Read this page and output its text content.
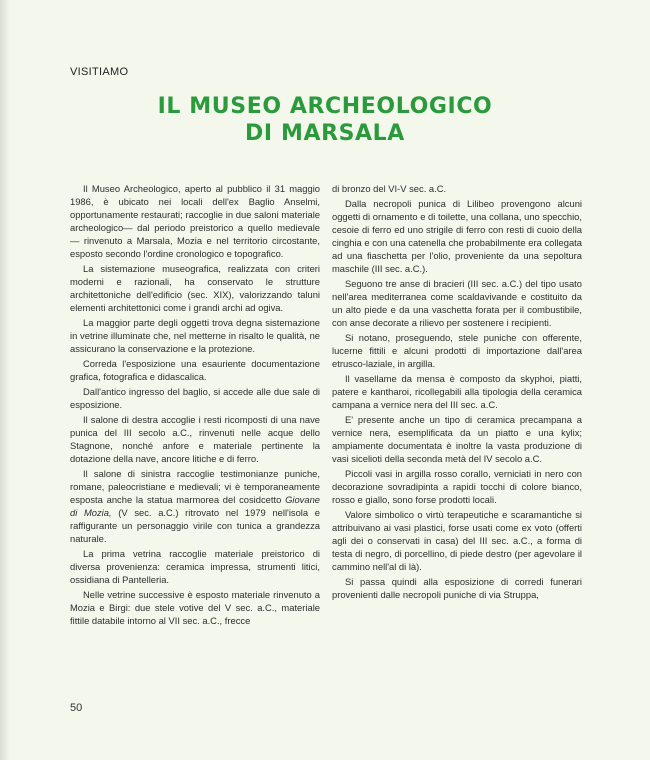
VISITIAMO
IL MUSEO ARCHEOLOGICO
DI MARSALA

Il Museo Archeologico, aperto al pubblico il 31 maggio 1986, è ubicato nei locali dell'ex Baglio Anselmi, opportunamente restaurati; raccoglie in due saloni materiale archeologico— dal periodo preistorico a quello medievale — rinvenuto a Marsala, Mozia e nel territorio circostante, esposto secondo l'ordine cronologico e topografico.

La sistemazione museografica, realizzata con criteri moderni e razionali, ha conservato le strutture architettoniche dell'edificio (sec. XIX), valorizzando taluni elementi architettonici come i grandi archi ad ogiva.

La maggior parte degli oggetti trova degna sistemazione in vetrine illuminate che, nel metterne in risalto le qualità, ne assicurano la conservazione e la protezione.

Correda l'esposizione una esauriente documentazione grafica, fotografica e didascalica.

Dall'antico ingresso del baglio, si accede alle due sale di esposizione.

Il salone di destra accoglie i resti ricomposti di una nave punica del III secolo a.C., rinvenuti nelle acque dello Stagnone, nonché anfore e materiale pertinente la dotazione della nave, ancore litiche e di ferro.

Il salone di sinistra raccoglie testimonianze puniche, romane, paleocristiane e medievali; vi è temporaneamente esposta anche la statua marmorea del cosidcetto Giovane di Mozia, (V sec. a.C.) ritrovato nel 1979 nell'isola e raffigurante un personaggio virile con tunica a grandezza naturale.

La prima vetrina raccoglie materiale preistorico di diversa provenienza: ceramica impressa, strumenti litici, ossidiana di Pantelleria.

Nelle vetrine successive è esposto materiale rinvenuto a Mozia e Birgi: due stele votive del V sec. a.C., materiale fittile databile intorno al VII sec. a.C., frecce

di bronzo del VI-V sec. a.C.

Dalla necropoli punica di Lilibeo provengono alcuni oggetti di ornamento e di toilette, una collana, uno specchio, cesoie di ferro ed uno strigile di ferro con resti di cuoio della cinghia e con una catenella che probabilmente era collegata ad una fiaschetta per l'olio, proveniente da una sepoltura maschile (III sec. a.C.).

Seguono tre anse di bracieri (III sec. a.C.) del tipo usato nell'area mediterranea come scaldavivande e costituito da un alto piede e da una vaschetta forata per il combustibile, con anse decorate a rilievo per sostenere i recipienti.

Si notano, proseguendo, stele puniche con offerente, lucerne fittili e alcuni prodotti di importazione dall'area etrusco-laziale, in argilla.

Il vasellame da mensa è composto da skyphoi, piatti, patere e kantharoi, ricollegabili alla tipologia della ceramica campana a vernice nera del III sec. a.C.

E' presente anche un tipo di ceramica precampana a vernice nera, esemplificata da un piatto e una kylix; ampiamente documentata è inoltre la vasta produzione di vasi sicelioti della seconda metà del IV secolo a.C.

Piccoli vasi in argilla rosso corallo, verniciati in nero con decorazione sovradipinta a rapidi tocchi di colore bianco, rosso e giallo, sono forse prodotti locali.

Valore simbolico o virtù terapeutiche e scaramantiche si attribuivano ai vasi plastici, forse usati come ex voto (offerti agli dei o conservati in casa) del III sec. a.C., a forma di testa di negro, di porcellino, di piede destro (per agevolare il cammino nell'al di là).

Si passa quindi alla esposizione di corredi funerari provenienti dalle necropoli puniche di via Struppa,

50
